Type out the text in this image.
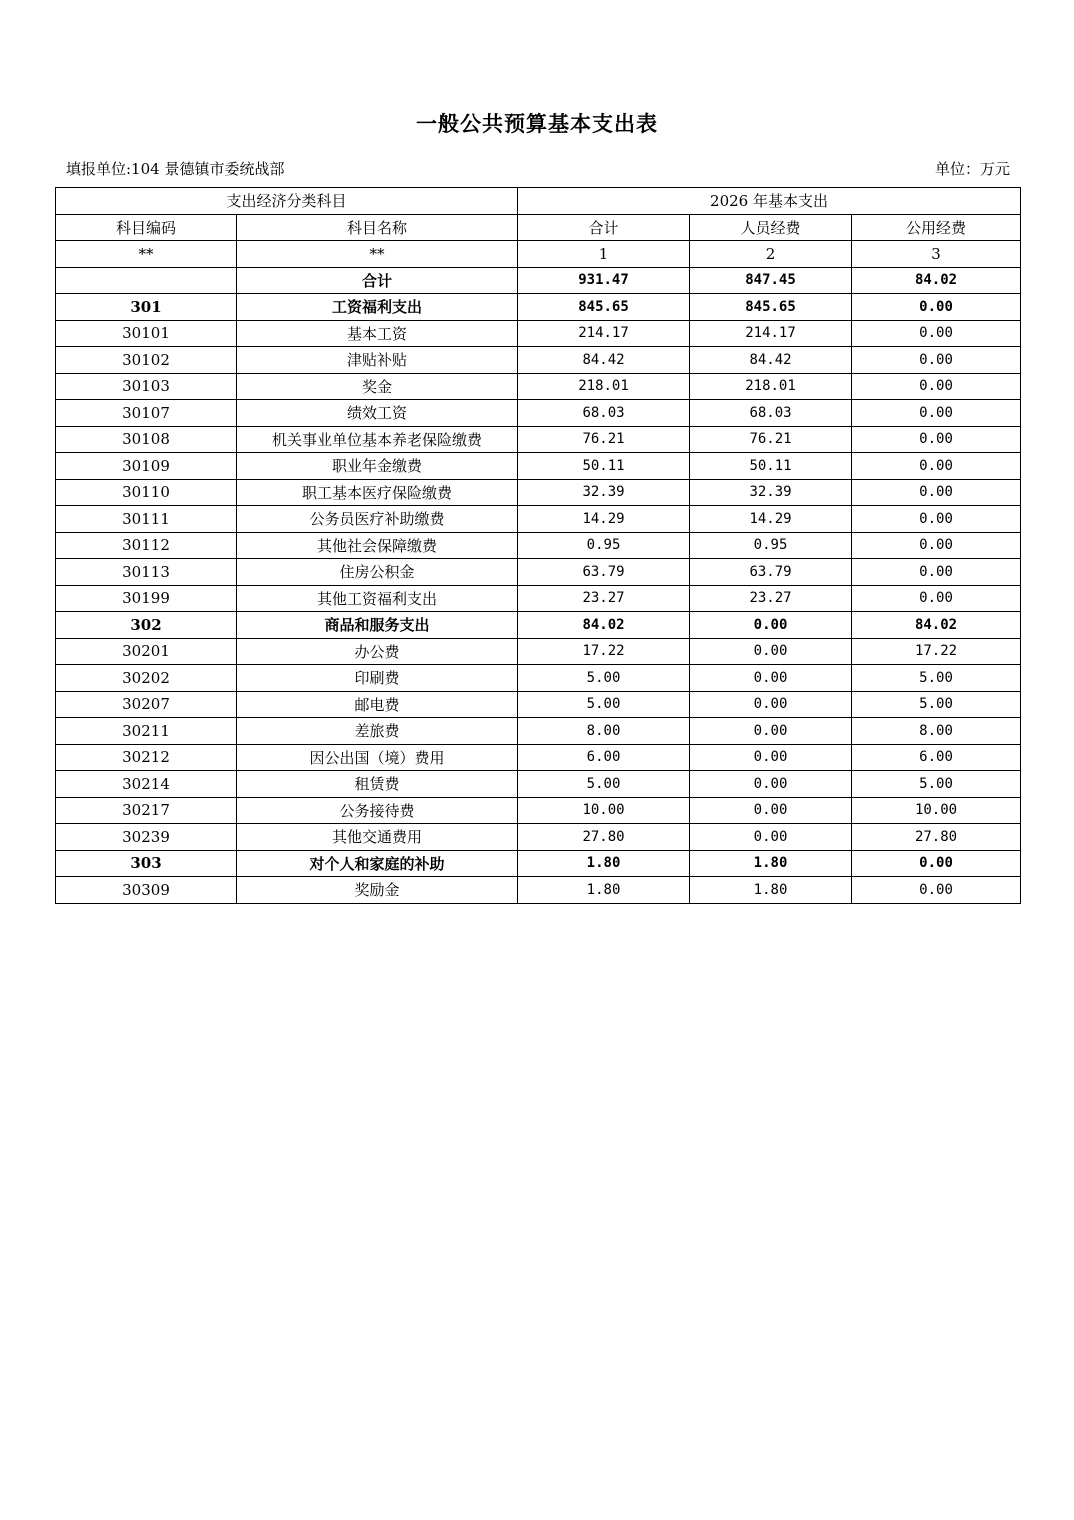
一般公共预算基本支出表
填报单位:104 景德镇市委统战部	单位：万元
支出经济分类科目		2026 年基本支出		
科目编码	科目名称	合计	人员经费	公用经费
**	**	1	2	3
	合计	931.47	847.45	84.02
301	工资福利支出	845.65	845.65	0.00
30101	基本工资	214.17	214.17	0.00
30102	津贴补贴	84.42	84.42	0.00
30103	奖金	218.01	218.01	0.00
30107	绩效工资	68.03	68.03	0.00
30108	机关事业单位基本养老保险缴费	76.21	76.21	0.00
30109	职业年金缴费	50.11	50.11	0.00
30110	职工基本医疗保险缴费	32.39	32.39	0.00
30111	公务员医疗补助缴费	14.29	14.29	0.00
30112	其他社会保障缴费	0.95	0.95	0.00
30113	住房公积金	63.79	63.79	0.00
30199	其他工资福利支出	23.27	23.27	0.00
302	商品和服务支出	84.02	0.00	84.02
30201	办公费	17.22	0.00	17.22
30202	印刷费	5.00	0.00	5.00
30207	邮电费	5.00	0.00	5.00
30211	差旅费	8.00	0.00	8.00
30212	因公出国（境）费用	6.00	0.00	6.00
30214	租赁费	5.00	0.00	5.00
30217	公务接待费	10.00	0.00	10.00
30239	其他交通费用	27.80	0.00	27.80
303	对个人和家庭的补助	1.80	1.80	0.00
30309	奖励金	1.80	1.80	0.00
